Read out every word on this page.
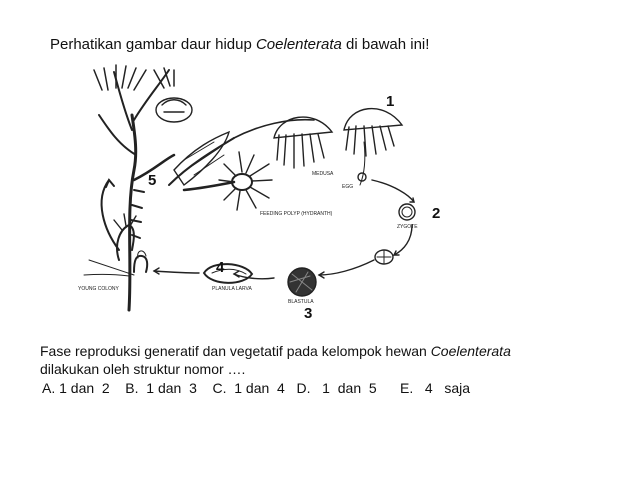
Perhatikan gambar daur hidup Coelenterata di bawah ini!
1
2
3
4
5	MEDUSA
EGG
ZYGOTE
BLASTULA
PLANULA LARVA
YOUNG COLONY
FEEDING POLYP (HYDRANTH)
Fase reproduksi generatif dan vegetatif pada kelompok hewan Coelenterata
dilakukan oleh struktur nomor ….
A. 1 dan  2 B.  1 dan  3 C.  1 dan  4 D.   1  dan  5 E.   4   saja
